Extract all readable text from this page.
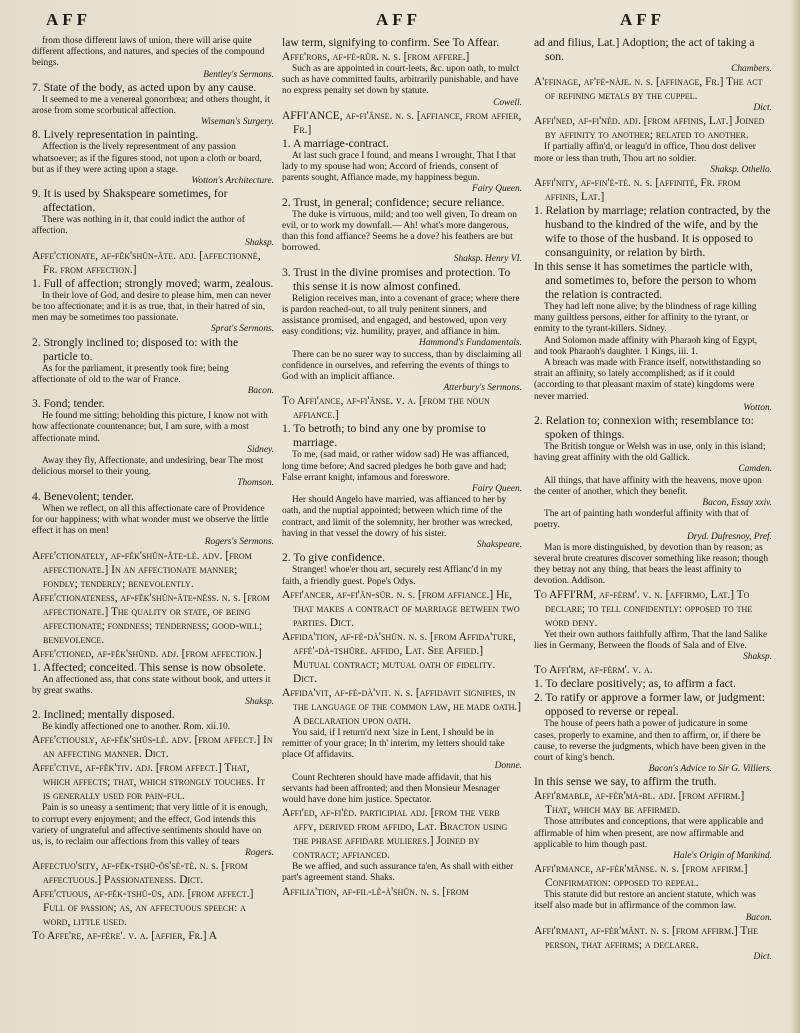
AFF	AFF	AFF

from those different laws of union, there will arise quite different affections, and natures, and species of the compound beings.

Bentley's Sermons.

7. State of the body, as acted upon by any cause.

It seemed to me a venereal gonorrhœa; and others thought, it arose from some scorbutical affection.

Wiseman's Surgery.

8. Lively representation in painting.

Affection is the lively representment of any passion whatsoever; as if the figures stood, not upon a cloth or board, but as if they were acting upon a stage.

Wotton's Architecture.

9. It is used by Shakspeare sometimes, for affectation.

There was nothing in it, that could indict the author of affection.

Shaksp.

Affe'ctionate, af-fĕk'shŭn-âte. adj. [affectionné, Fr. from affection.]

1. Full of affection; strongly moved; warm, zealous.

In their love of God, and desire to please him, men can never be too affectionate; and it is as true, that, in their hatred of sin, men may be sometimes too passionate.

Sprat's Sermons.

2. Strongly inclined to; disposed to: with the particle to.

As for the parliament, it presently took fire; being affectionate of old to the war of France.

Bacon.

3. Fond; tender.

He found me sitting; beholding this picture, I know not with how affectionate countenance; but, I am sure, with a most affectionate mind.

Sidney.

Away they fly, Affectionate, and undesiring, bear The most delicious morsel to their young.

Thomson.

4. Benevolent; tender.

When we reflect, on all this affectionate care of Providence for our happiness; with what wonder must we observe the little effect it has on men!

Rogers's Sermons.

Affe'ctionately, af-fĕk'shŭn-âte-lè. adv. [from affectionate.] In an affectionate manner; fondly; tenderly; benevolently.

Affe'ctionateness, af-fĕk'shŭn-âte-nĕss. n. s. [from affectionate.] The quality or state, of being affectionate; fondness; tenderness; good-will; benevolence.

Affe'ctioned, af-fĕk'shŭnd. adj. [from affection.]

1. Affected; conceited. This sense is now obsolete.

An affectioned ass, that cons state without book, and utters it by great swaths.

Shaksp.

2. Inclined; mentally disposed.

Be kindly affectioned one to another. Rom. xii.10.

Affe'ctiously, af-fĕk'shŭs-lè. adv. [from affect.] In an affecting manner. Dict.

Affe'ctive, af-fĕk'tiv. adj. [from affect.] That, which affects; that, which strongly touches. It is generally used for pain-ful.

Pain is so uneasy a sentiment; that very little of it is enough, to corrupt every enjoyment; and the effect, God intends this variety of ungrateful and affective sentiments should have on us, is, to reclaim our affections from this valley of tears

Rogers.

Affectuo'sity, af-fĕk-tshŭ-ŏs'sè-tè. n. s. [from affectuous.] Passionateness. Dict.

Affe'ctuous, af-fĕk-tshŭ-ŭs, adj. [from affect.] Full of passion; as, an affectuous speech: a word, little used.

To Affe're, af-fère'. v. a. [affier, Fr.] A

law term, signifying to confirm. See To Affear.

Affe'rors, af-fè-rŭr. n. s. [from affere.]

Such as are appointed in court-leets, &c. upon oath, to mulct such as have committed faults, arbitrarily punishable, and have no express penalty set down by statute.

Cowell.

AFFI'ANCE, af-fi'ânse. n. s. [affiance, from affier, Fr.]

1. A marriage-contract.

At last such grace I found, and means I wrought, That I that lady to my spouse had won; Accord of friends, consent of parents sought, Affiance made, my happiness begun.

Fairy Queen.

2. Trust, in general; confidence; secure reliance.

The duke is virtuous, mild; and too well given, To dream on evil, or to work my downfall.— Ah! what's more dangerous, than this fond affiance? Seems he a dove? his feathers are but borrowed.

Shaksp. Henry VI.

3. Trust in the divine promises and protection. To this sense it is now almost confined.

Religion receives man, into a covenant of grace; where there is pardon reached-out, to all truly penitent sinners, and assistance promised, and engaged, and bestowed, upon very easy conditions; viz. humility, prayer, and affiance in him.

Hammond's Fundamentals.

There can be no surer way to success, than by disclaiming all confidence in ourselves, and referring the events of things to God with an implicit affiance.

Atterbury's Sermons.

To Affi'ance, af-fi'ânse. v. a. [from the noun affiance.]

1. To betroth; to bind any one by promise to marriage.

To me, (sad maid, or rather widow sad) He was affianced, long time before; And sacred pledges he both gave and had; False errant knight, infamous and foreswore.

Fairy Queen.

Her should Angelo have married, was affianced to her by oath, and the nuptial appointed; between which time of the contract, and limit of the solemnity, her brother was wrecked, having in that vessel the dowry of his sister.

Shakspeare.

2. To give confidence.

Stranger! whoe'er thou art, securely rest Affianc'd in my faith, a friendly guest. Pope's Odys.

Affi'ancer, af-fi'ân-sŭr. n. s. [from affiance.] He, that makes a contract of marriage between two parties. Dict.

Affida'tion, af-fè-dà'shŭn. n. s. [from Affida'ture, affè'-dà-tshŭre. affido, Lat. See Affied.] Mutual contract; mutual oath of fidelity. Dict.

Affida'vit, af-fè-dà'vit. n. s. [affidavit signifies, in the language of the common law, he made oath.] A declaration upon oath.

You said, if I return'd next 'size in Lent, I should be in remitter of your grace; In th' interim, my letters should take place Of affidavits.

Donne.

Count Rechteren should have made affidavit, that his servants had been affronted; and then Monsieur Mesnager would have done him justice. Spectator.

Affi'ed, af-fi'èd. participial adj. [from the verb affy, derived from affido, Lat. Bracton using the phrase affidare mulieres.] Joined by contract; affianced.

Be we affied, and such assurance ta'en, As shall with either part's agreement stand. Shaks.

Affilia'tion, af-fil-lè-à'shŭn. n. s. [from

ad and filius, Lat.] Adoption; the act of taking a son.

Chambers.

A'ffinage, af'fè-nàje. n. s. [affinage, Fr.] The act of refining metals by the cuppel.

Dict.

Affi'ned, af-fi'nèd. adj. [from affinis, Lat.] Joined by affinity to another; related to another.

If partially affin'd, or leagu'd in office, Thou dost deliver more or less than truth, Thou art no soldier.

Shaksp. Othello.

Affi'nity, af-fin'è-tè. n. s. [affinité, Fr. from affinis, Lat.]

1. Relation by marriage; relation contracted, by the husband to the kindred of the wife, and by the wife to those of the husband. It is opposed to consanguinity, or relation by birth.

In this sense it has sometimes the particle with, and sometimes to, before the person to whom the relation is contracted.

They had left none alive; by the blindness of rage killing many guiltless persons, either for affinity to the tyrant, or enmity to the tyrant-killers. Sidney.

And Solomon made affinity with Pharaoh king of Egypt, and took Pharaoh's daughter. 1 Kings, iii. 1.

A breach was made with France itself, notwithstanding so strait an affinity, so lately accomplished; as if it could (according to that pleasant maxim of state) kingdoms were never married.

Wotton.

2. Relation to; connexion with; resemblance to: spoken of things.

The British tongue or Welsh was in use, only in this island; having great affinity with the old Gallick.

Camden.

All things, that have affinity with the heavens, move upon the center of another, which they benefit.

Bacon, Essay xxiv.

The art of painting hath wonderful affinity with that of poetry.

Dryd. Dufresnoy, Pref.

Man is more distinguished, by devotion than by reason; as several brute creatures discover something like reason; though they betray not any thing, that bears the least affinity to devotion. Addison.

To AFFI'RM, af-fèrm'. v. n. [affirmo, Lat.] To declare; to tell confidently: opposed to the word deny.

Yet their own authors faithfully affirm, That the land Salike lies in Germany, Between the floods of Sala and of Elve.

Shaksp.

To Affi'rm, af-fèrm'. v. a.

1. To declare positively; as, to affirm a fact.

2. To ratify or approve a former law, or judgment: opposed to reverse or repeal.

The house of peers hath a power of judicature in some cases, properly to examine, and then to affirm, or, if there be cause, to reverse the judgments, which have been given in the court of king's bench.

Bacon's Advice to Sir G. Villiers.

In this sense we say, to affirm the truth.

Affi'rmable, af-fèr'mà-bl. adj. [from affirm.] That, which may be affirmed.

Those attributes and conceptions, that were applicable and affirmable of him when present, are now affirmable and applicable to him though past.

Hale's Origin of Mankind.

Affi'rmance, af-fèr'mânse. n. s. [from affirm.] Confirmation: opposed to repeal.

This statute did but restore an ancient statute, which was itself also made but in affirmance of the common law.

Bacon.

Affi'rmant, af-fèr'mânt. n. s. [from affirm.] The person, that affirms; a declarer.

Dict.
